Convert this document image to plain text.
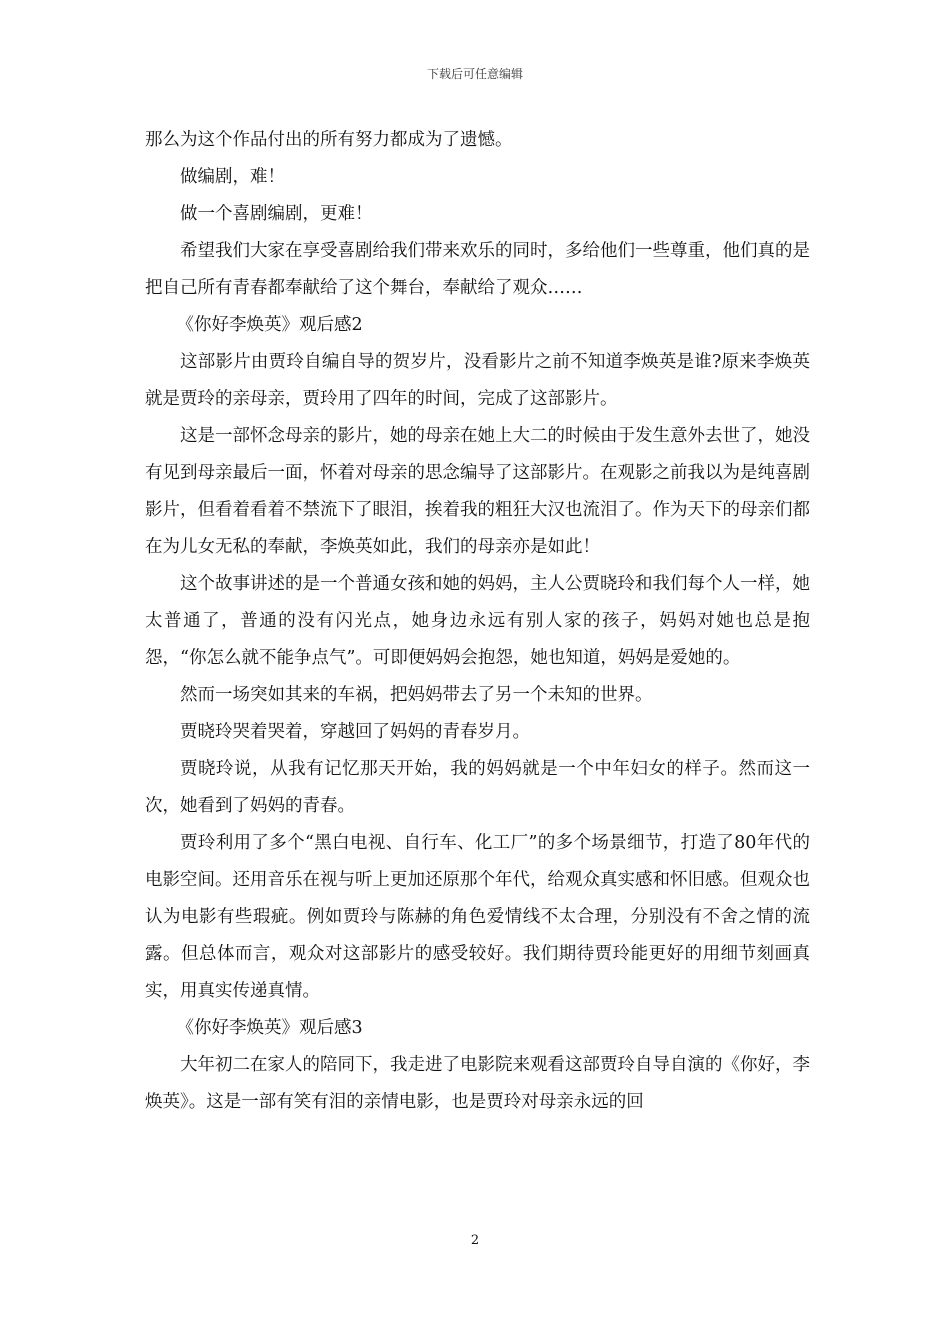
下载后可任意编辑

那么为这个作品付出的所有努力都成为了遗憾。

做编剧，难！

做一个喜剧编剧，更难！

希望我们大家在享受喜剧给我们带来欢乐的同时，多给他们一些尊重，他们真的是把自己所有青春都奉献给了这个舞台，奉献给了观众……

《你好李焕英》观后感2

这部影片由贾玲自编自导的贺岁片，没看影片之前不知道李焕英是谁?原来李焕英就是贾玲的亲母亲，贾玲用了四年的时间，完成了这部影片。

这是一部怀念母亲的影片，她的母亲在她上大二的时候由于发生意外去世了，她没有见到母亲最后一面，怀着对母亲的思念编导了这部影片。在观影之前我以为是纯喜剧影片，但看着看着不禁流下了眼泪，挨着我的粗狂大汉也流泪了。作为天下的母亲们都在为儿女无私的奉献，李焕英如此，我们的母亲亦是如此！

这个故事讲述的是一个普通女孩和她的妈妈，主人公贾晓玲和我们每个人一样，她太普通了，普通的没有闪光点，她身边永远有别人家的孩子，妈妈对她也总是抱怨，“你怎么就不能争点气”。可即便妈妈会抱怨，她也知道，妈妈是爱她的。

然而一场突如其来的车祸，把妈妈带去了另一个未知的世界。

贾晓玲哭着哭着，穿越回了妈妈的青春岁月。

贾晓玲说，从我有记忆那天开始，我的妈妈就是一个中年妇女的样子。然而这一次，她看到了妈妈的青春。

贾玲利用了多个“黑白电视、自行车、化工厂”的多个场景细节，打造了80年代的电影空间。还用音乐在视与听上更加还原那个年代，给观众真实感和怀旧感。但观众也认为电影有些瑕疵。例如贾玲与陈赫的角色爱情线不太合理，分别没有不舍之情的流露。但总体而言，观众对这部影片的感受较好。我们期待贾玲能更好的用细节刻画真实，用真实传递真情。

《你好李焕英》观后感3

大年初二在家人的陪同下，我走进了电影院来观看这部贾玲自导自演的《你好，李焕英》。这是一部有笑有泪的亲情电影，也是贾玲对母亲永远的回

2
